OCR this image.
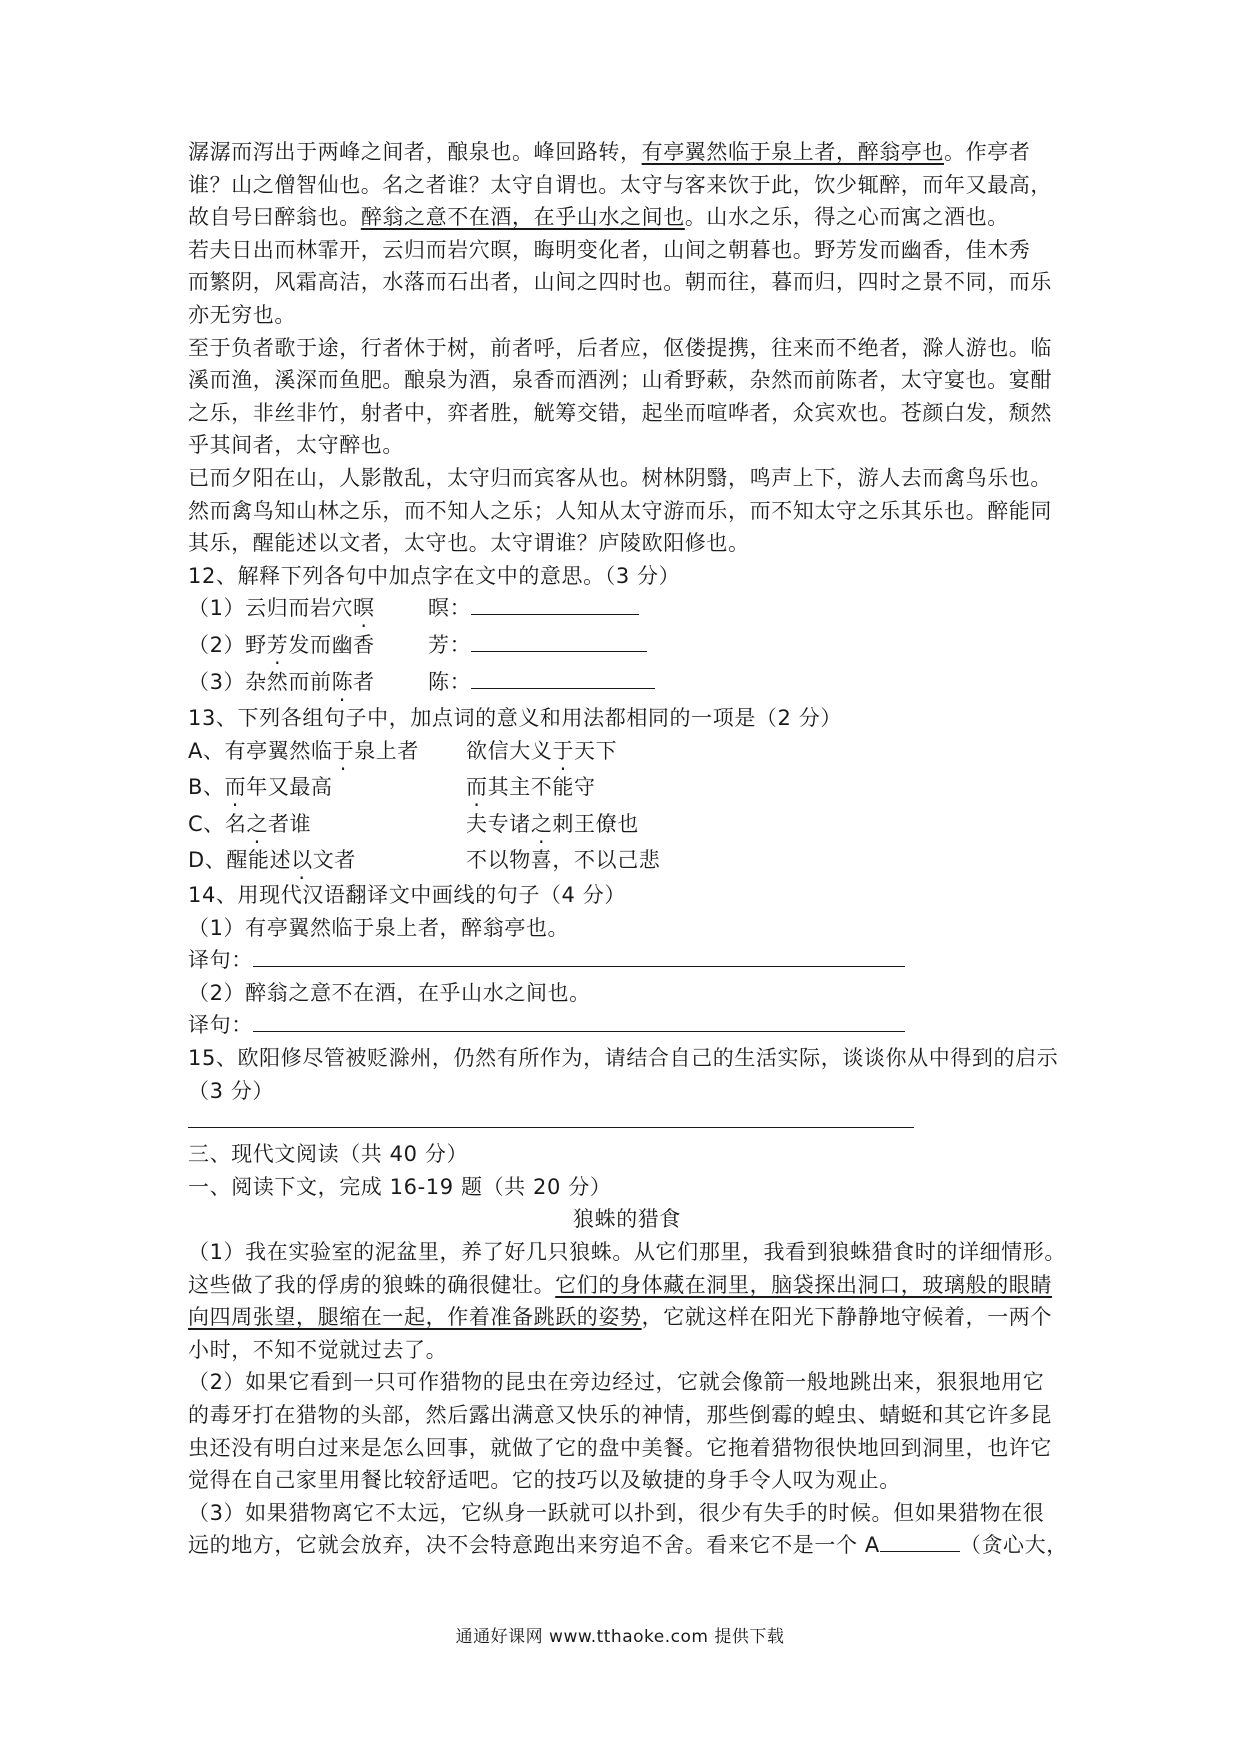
潺潺而泻出于两峰之间者，酿泉也。峰回路转，有亭翼然临于泉上者，醉翁亭也。作亭者
谁？山之僧智仙也。名之者谁？太守自谓也。太守与客来饮于此，饮少辄醉，而年又最高，
故自号曰醉翁也。醉翁之意不在酒，在乎山水之间也。山水之乐，得之心而寓之酒也。
若夫日出而林霏开，云归而岩穴暝，晦明变化者，山间之朝暮也。野芳发而幽香，佳木秀
而繁阴，风霜高洁，水落而石出者，山间之四时也。朝而往，暮而归，四时之景不同，而乐
亦无穷也。
至于负者歌于途，行者休于树，前者呼，后者应，伛偻提携，往来而不绝者，滁人游也。临
溪而渔，溪深而鱼肥。酿泉为酒，泉香而酒洌；山肴野蔌，杂然而前陈者，太守宴也。宴酣
之乐，非丝非竹，射者中，弈者胜，觥筹交错，起坐而喧哗者，众宾欢也。苍颜白发，颓然
乎其间者，太守醉也。
已而夕阳在山，人影散乱，太守归而宾客从也。树林阴翳，鸣声上下，游人去而禽鸟乐也。
然而禽鸟知山林之乐，而不知人之乐；人知从太守游而乐，而不知太守之乐其乐也。醉能同
其乐，醒能述以文者，太守也。太守谓谁？庐陵欧阳修也。
12、解释下列各句中加点字在文中的意思。（3 分）
（1）云归而岩穴暝	暝：
（2）野芳发而幽香	芳：
（3）杂然而前陈者	陈：
13、下列各组句子中，加点词的意义和用法都相同的一项是（2 分）
A、有亭翼然临于泉上者	欲信大义于天下
B、而年又最高	而其主不能守
C、名之者谁	夫专诸之刺王僚也
D、醒能述以文者	不以物喜，不以己悲
14、用现代汉语翻译文中画线的句子（4 分）
（1）有亭翼然临于泉上者，醉翁亭也。
译句：
（2）醉翁之意不在酒，在乎山水之间也。
译句：
15、欧阳修尽管被贬滁州，仍然有所作为，请结合自己的生活实际，谈谈你从中得到的启示
（3 分）
三、现代文阅读（共 40 分）
一、阅读下文，完成 16-19 题（共 20 分）
狼蛛的猎食
（1）我在实验室的泥盆里，养了好几只狼蛛。从它们那里，我看到狼蛛猎食时的详细情形。
这些做了我的俘虏的狼蛛的确很健壮。它们的身体藏在洞里，脑袋探出洞口，玻璃般的眼睛
向四周张望，腿缩在一起，作着准备跳跃的姿势，它就这样在阳光下静静地守候着，一两个
小时，不知不觉就过去了。
（2）如果它看到一只可作猎物的昆虫在旁边经过，它就会像箭一般地跳出来，狠狠地用它
的毒牙打在猎物的头部，然后露出满意又快乐的神情，那些倒霉的蝗虫、蜻蜓和其它许多昆
虫还没有明白过来是怎么回事，就做了它的盘中美餐。它拖着猎物很快地回到洞里，也许它
觉得在自己家里用餐比较舒适吧。它的技巧以及敏捷的身手令人叹为观止。
（3）如果猎物离它不太远，它纵身一跃就可以扑到，很少有失手的时候。但如果猎物在很
远的地方，它就会放弃，决不会特意跑出来穷追不舍。看来它不是一个 A	（贪心大，
通通好课网 www.tthaoke.com 提供下载
